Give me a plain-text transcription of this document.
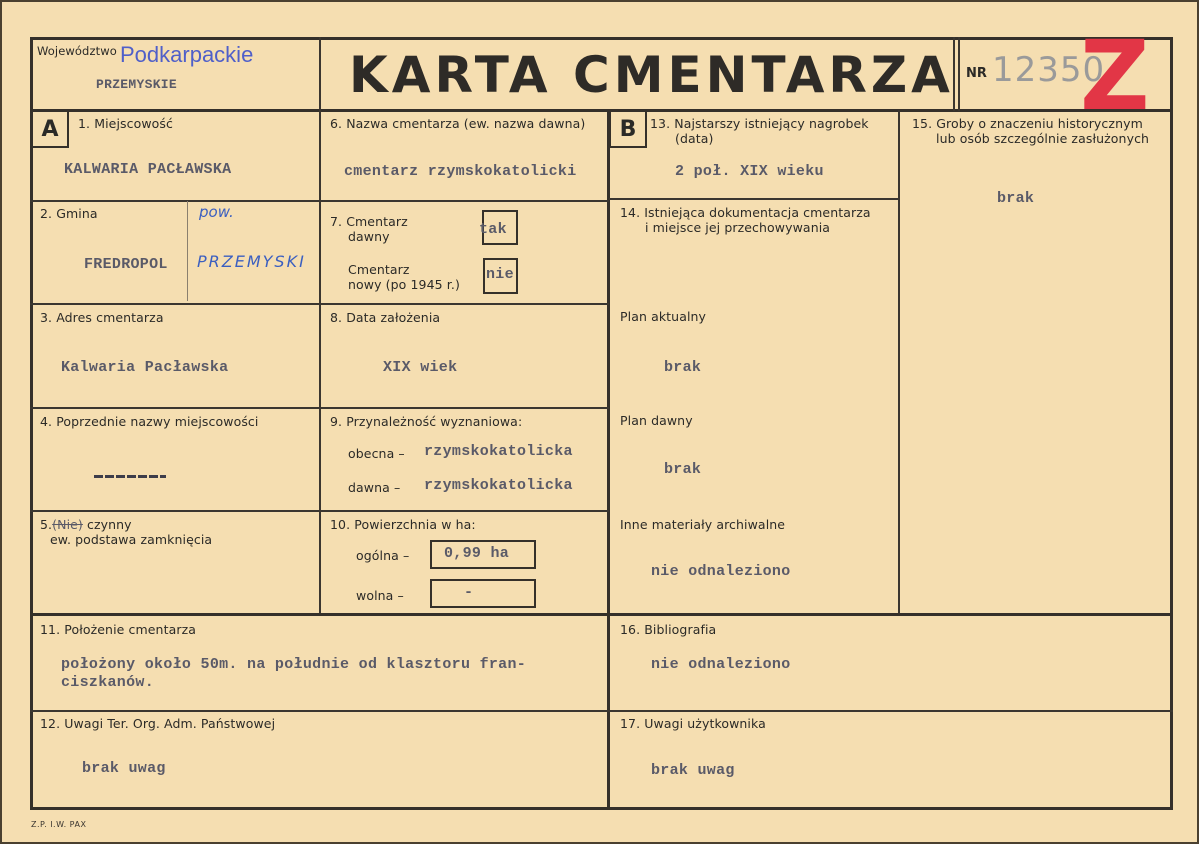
Województwo Podkarpackie
PRZEMYSKIE	KARTA CMENTARZA NR 12350
Z
A	1. Miejscowość
KALWARIA PACŁAWSKA
2. Gmina
FREDROPOL
pow.
PRZEMYSKI
3. Adres cmentarza
Kalwaria Pacławska
4. Poprzednie nazwy miejscowości
5.(Nie) czynny
ew. podstawa zamknięcia
6. Nazwa cmentarza (ew. nazwa dawna)
cmentarz rzymskokatolicki
7. Cmentarz
dawny	tak
Cmentarz
nowy (po 1945 r.)
nie
8. Data założenia
XIX wiek
9. Przynależność wyznaniowa:
obecna – rzymskokatolicka
dawna – rzymskokatolicka
10. Powierzchnia w ha:
ogólna – 0,99 ha
wolna –	-
B	13. Najstarszy istniejący nagrobek
(data)
2 poł. XIX wieku
14. Istniejąca dokumentacja cmentarza
i miejsce jej przechowywania
Plan aktualny
brak
Plan dawny
brak
Inne materiały archiwalne
nie odnaleziono
15. Groby o znaczeniu historycznym
lub osób szczególnie zasłużonych
brak
11. Położenie cmentarza
położony około 50m. na południe od klasztoru fran-
ciszkanów.
16. Bibliografia
nie odnaleziono
12. Uwagi Ter. Org. Adm. Państwowej
brak uwag
17. Uwagi użytkownika
brak uwag
Z.P. I.W. PAX
